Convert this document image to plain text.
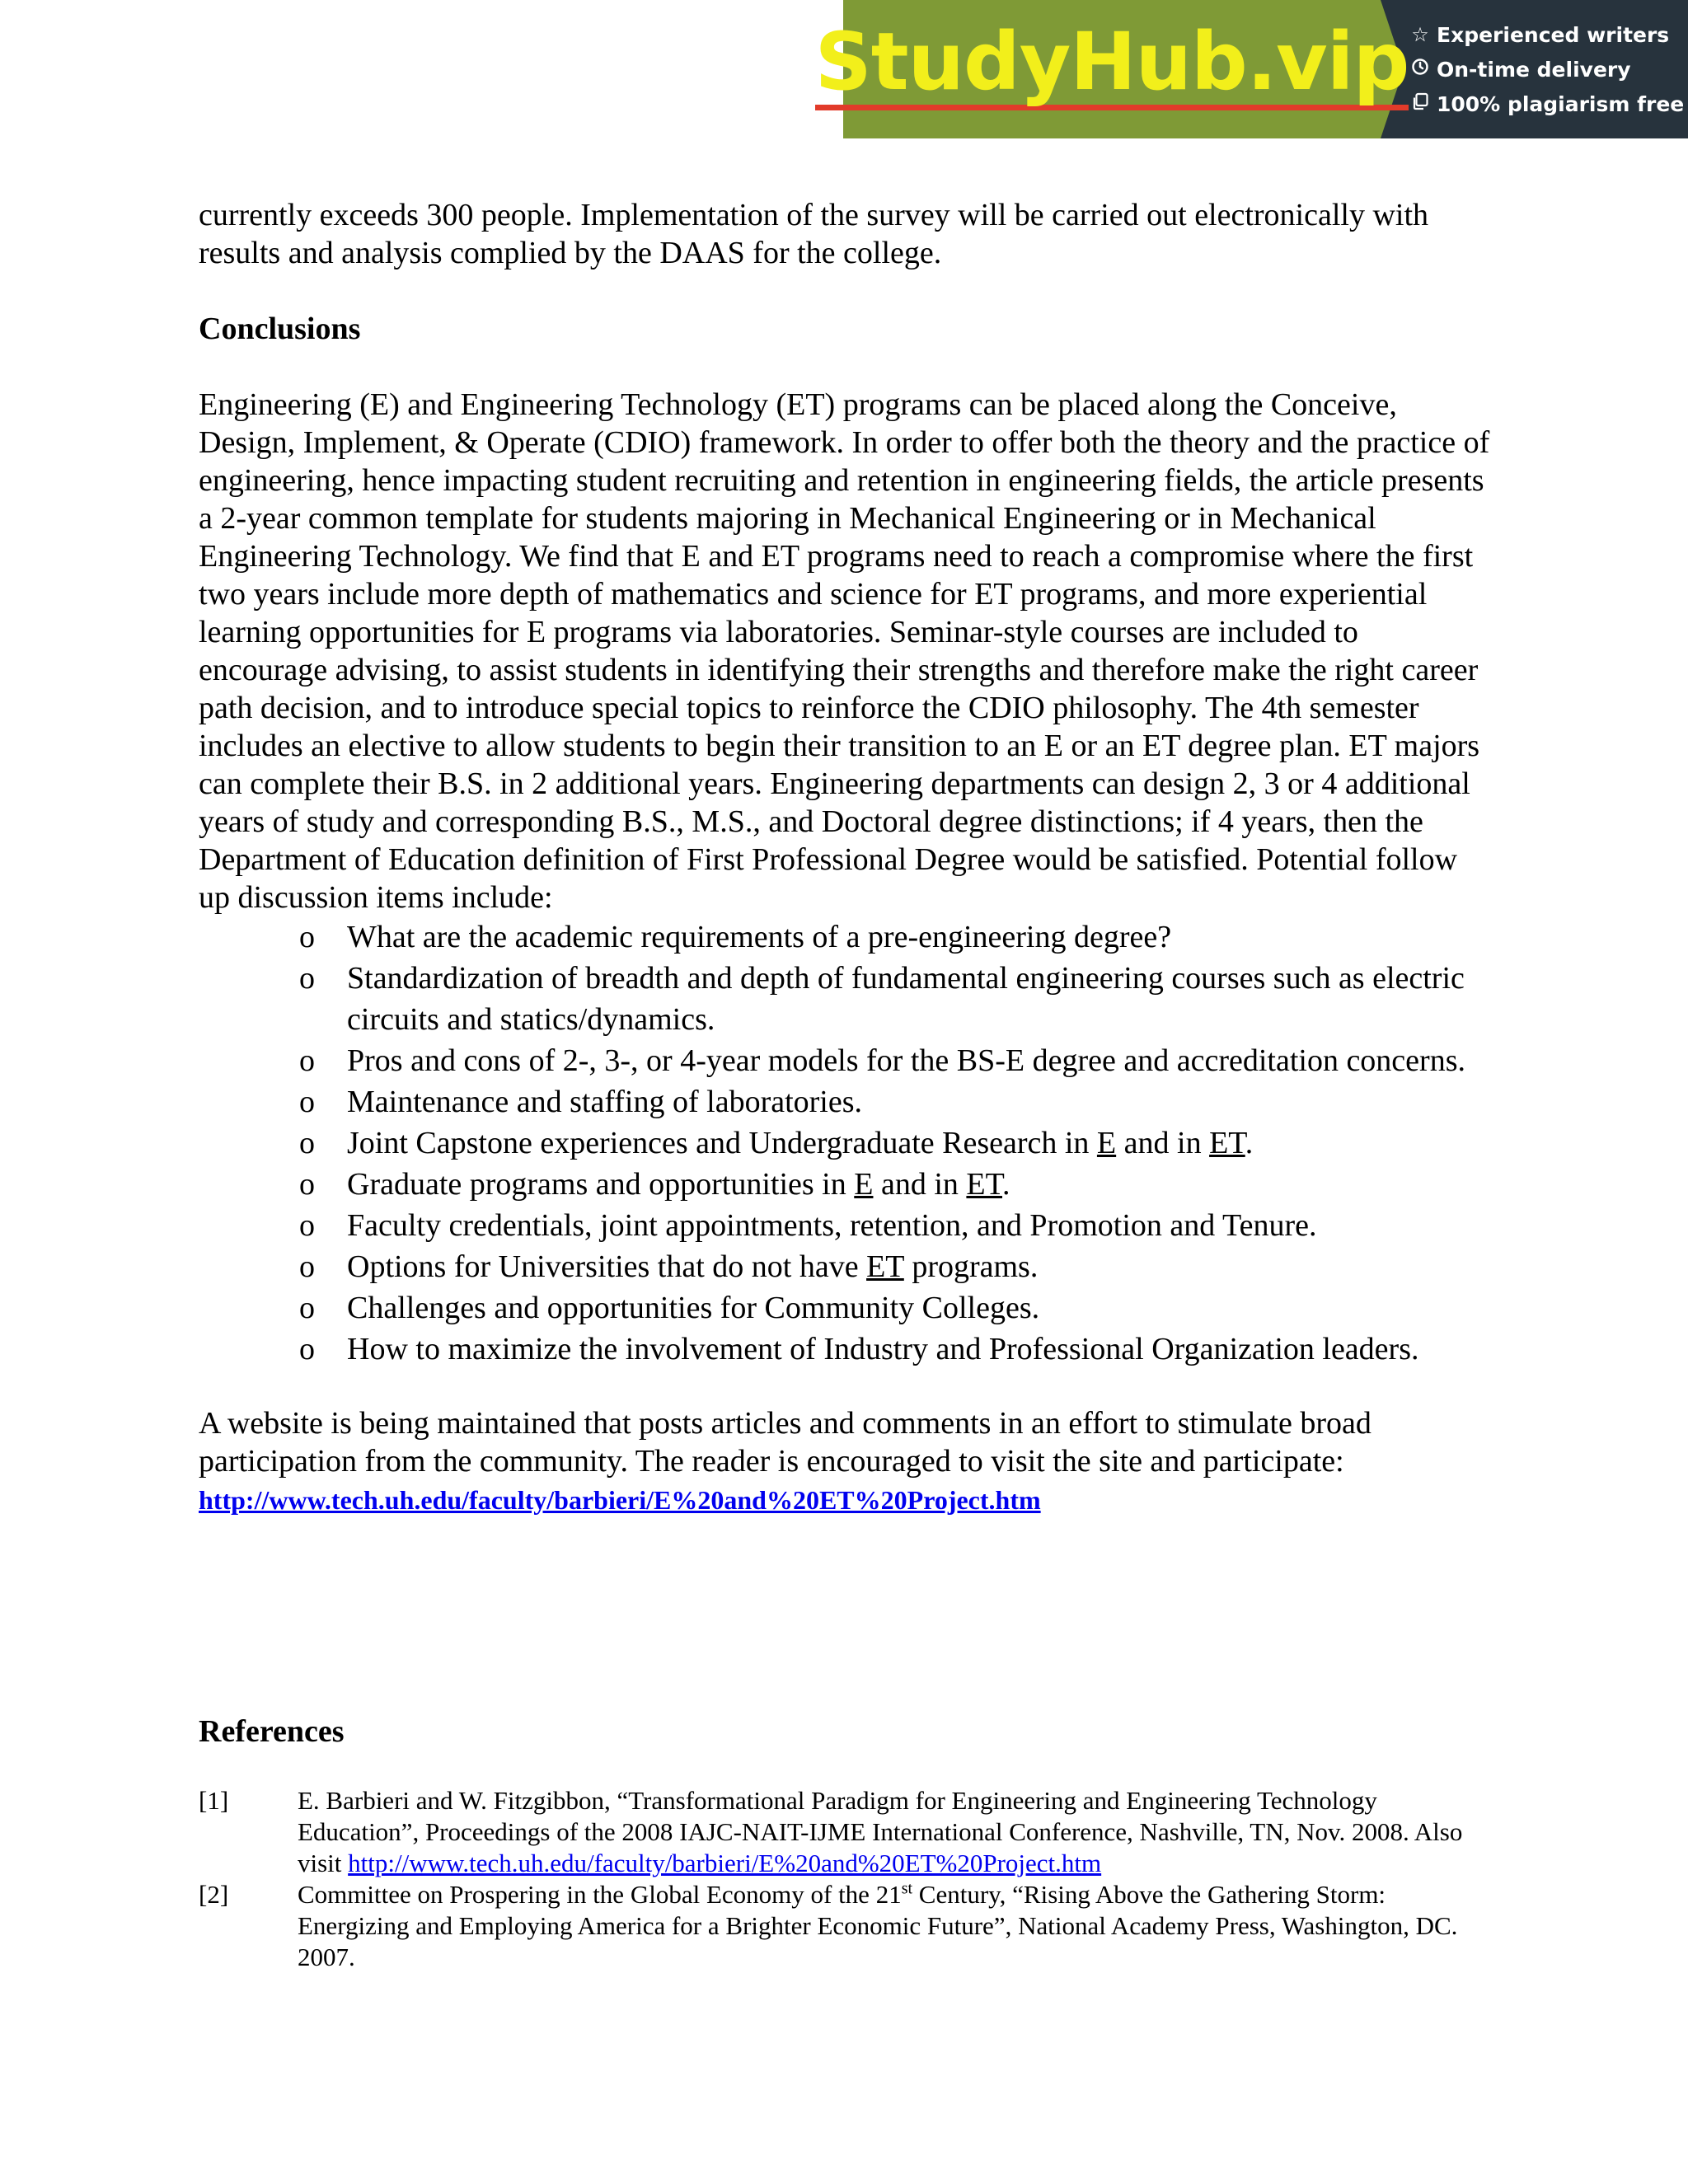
StudyHub.vip ☆ Experienced writers
On-time delivery
100% plagiarism free

currently exceeds 300 people. Implementation of the survey will be carried out electronically with results and analysis complied by the DAAS for the college.

Conclusions

Engineering (E) and Engineering Technology (ET) programs can be placed along the Conceive, Design, Implement, & Operate (CDIO) framework. In order to offer both the theory and the practice of engineering, hence impacting student recruiting and retention in engineering fields, the article presents a 2-year common template for students majoring in Mechanical Engineering or in Mechanical Engineering Technology. We find that E and ET programs need to reach a compromise where the first two years include more depth of mathematics and science for ET programs, and more experiential learning opportunities for E programs via laboratories. Seminar-style courses are included to encourage advising, to assist students in identifying their strengths and therefore make the right career path decision, and to introduce special topics to reinforce the CDIO philosophy. The 4th semester includes an elective to allow students to begin their transition to an E or an ET degree plan. ET majors can complete their B.S. in 2 additional years. Engineering departments can design 2, 3 or 4 additional years of study and corresponding B.S., M.S., and Doctoral degree distinctions; if 4 years, then the Department of Education definition of First Professional Degree would be satisfied. Potential follow up discussion items include:

o	What are the academic requirements of a pre-engineering degree?
o	Standardization of breadth and depth of fundamental engineering courses such as electric circuits and statics/dynamics.
o	Pros and cons of 2-, 3-, or 4-year models for the BS-E degree and accreditation concerns.
o	Maintenance and staffing of laboratories.
o	Joint Capstone experiences and Undergraduate Research in E and in ET.
o	Graduate programs and opportunities in E and in ET.
o	Faculty credentials, joint appointments, retention, and Promotion and Tenure.
o	Options for Universities that do not have ET programs.
o	Challenges and opportunities for Community Colleges.
o	How to maximize the involvement of Industry and Professional Organization leaders.

A website is being maintained that posts articles and comments in an effort to stimulate broad participation from the community. The reader is encouraged to visit the site and participate:

http://www.tech.uh.edu/faculty/barbieri/E%20and%20ET%20Project.htm

References

[1]	E. Barbieri and W. Fitzgibbon, “Transformational Paradigm for Engineering and Engineering Technology Education”, Proceedings of the 2008 IAJC-NAIT-IJME International Conference, Nashville, TN, Nov. 2008. Also visit http://www.tech.uh.edu/faculty/barbieri/E%20and%20ET%20Project.htm
[2]	Committee on Prospering in the Global Economy of the 21st Century, “Rising Above the Gathering Storm: Energizing and Employing America for a Brighter Economic Future”, National Academy Press, Washington, DC. 2007.
